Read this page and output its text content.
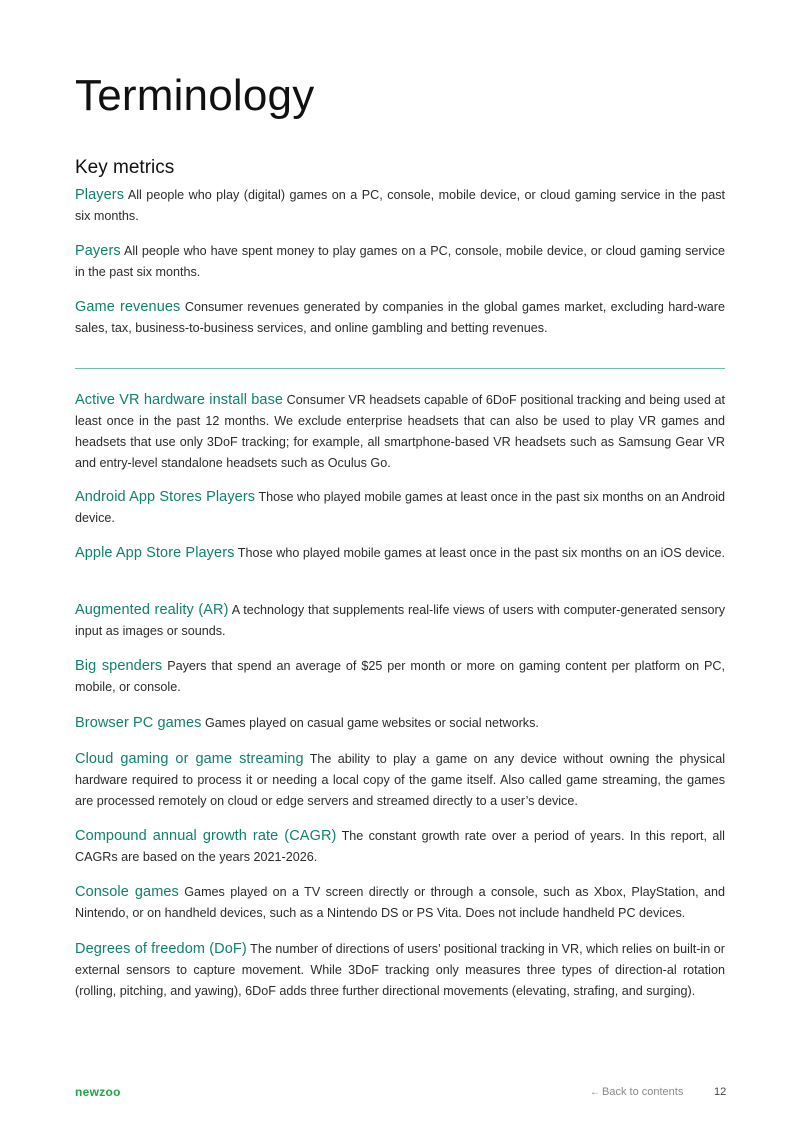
Terminology
Key metrics

Players All people who play (digital) games on a PC, console, mobile device, or cloud gaming service in the past six months.

Payers All people who have spent money to play games on a PC, console, mobile device, or cloud gaming service in the past six months.

Game revenues Consumer revenues generated by companies in the global games market, excluding hard-ware sales, tax, business-to-business services, and online gambling and betting revenues.

Active VR hardware install base Consumer VR headsets capable of 6DoF positional tracking and being used at least once in the past 12 months. We exclude enterprise headsets that can also be used to play VR games and headsets that use only 3DoF tracking; for example, all smartphone-based VR headsets such as Samsung Gear VR and entry-level standalone headsets such as Oculus Go.

Android App Stores Players Those who played mobile games at least once in the past six months on an Android device.

Apple App Store Players Those who played mobile games at least once in the past six months on an iOS device.

Augmented reality (AR) A technology that supplements real-life views of users with computer-generated sensory input as images or sounds.

Big spenders Payers that spend an average of $25 per month or more on gaming content per platform on PC, mobile, or console.

Browser PC games Games played on casual game websites or social networks.

Cloud gaming or game streaming The ability to play a game on any device without owning the physical hardware required to process it or needing a local copy of the game itself. Also called game streaming, the games are processed remotely on cloud or edge servers and streamed directly to a user’s device.

Compound annual growth rate (CAGR) The constant growth rate over a period of years. In this report, all CAGRs are based on the years 2021-2026.

Console games Games played on a TV screen directly or through a console, such as Xbox, PlayStation, and Nintendo, or on handheld devices, such as a Nintendo DS or PS Vita. Does not include handheld PC devices.

Degrees of freedom (DoF) The number of directions of users’ positional tracking in VR, which relies on built-in or external sensors to capture movement. While 3DoF tracking only measures three types of direction-al rotation (rolling, pitching, and yawing), 6DoF adds three further directional movements (elevating, strafing, and surging).

newzoo	← Back to contents	12
